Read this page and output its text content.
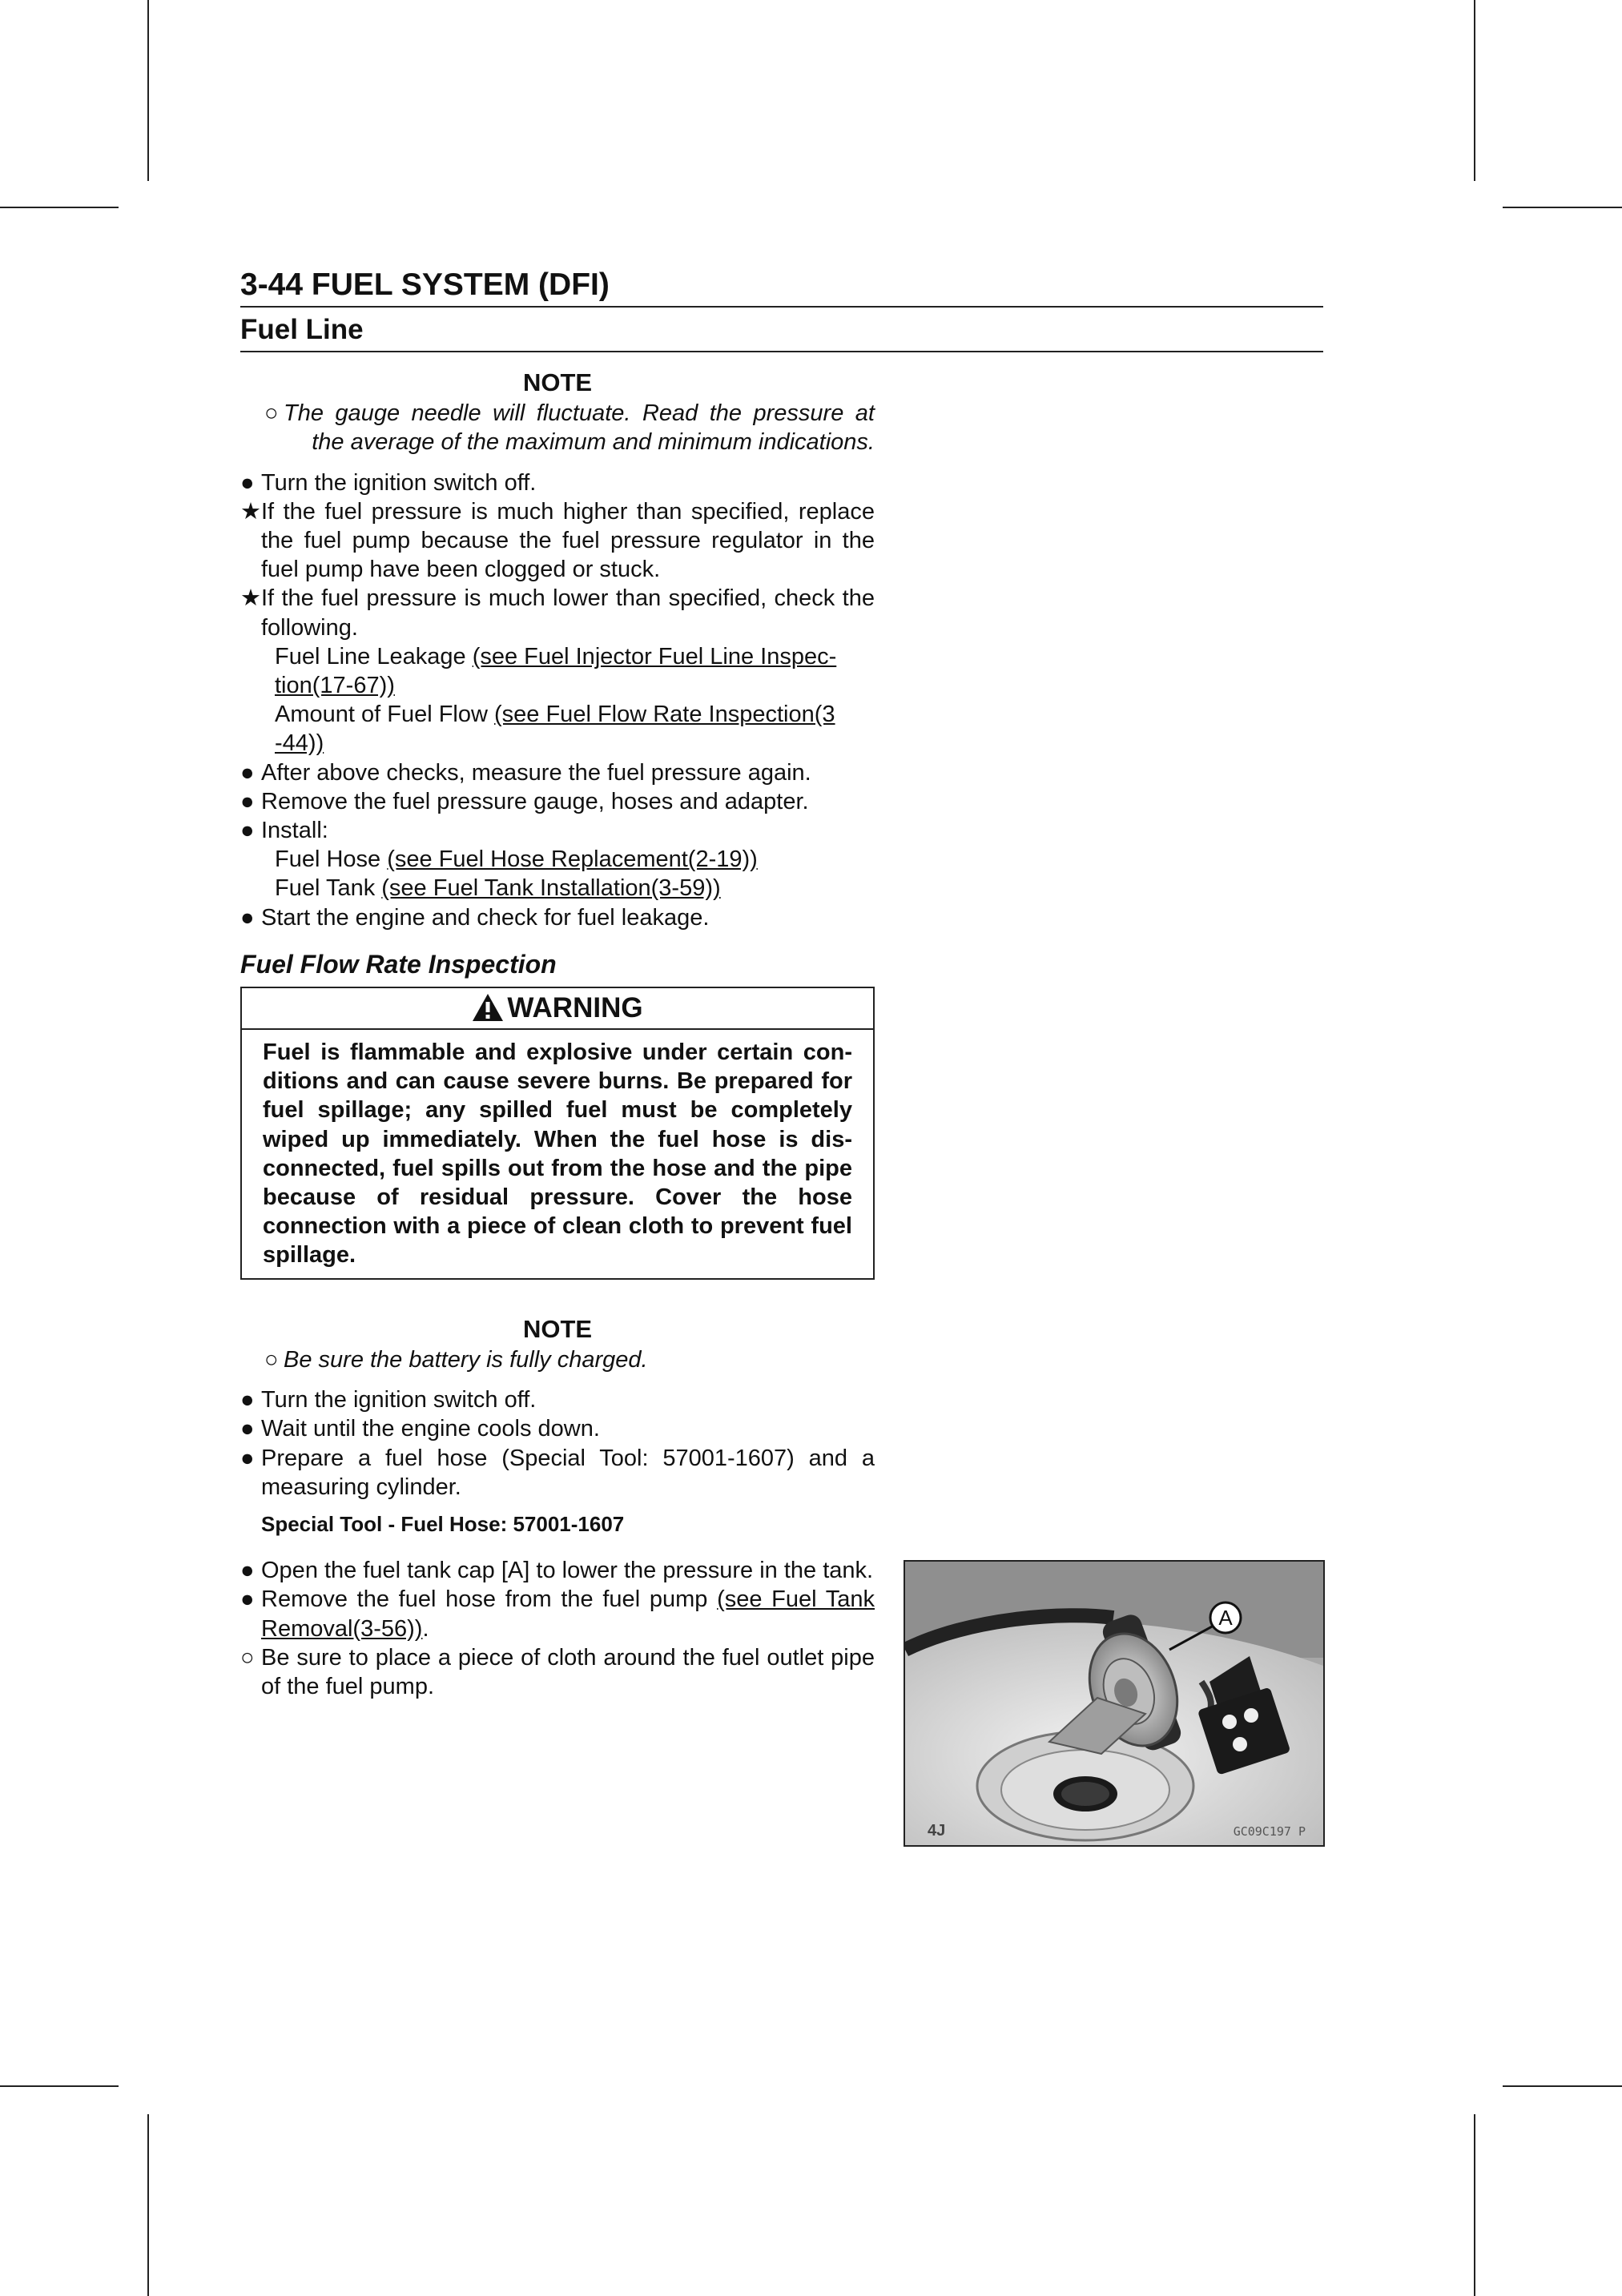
3-44 FUEL SYSTEM (DFI)
Fuel Line
NOTE
○ The gauge needle will fluctuate. Read the pressure at
the average of the maximum and minimum indications.
● Turn the ignition switch off.
★ If the fuel pressure is much higher than specified, replace the fuel pump because the fuel pressure regulator in the fuel pump have been clogged or stuck.
★ If the fuel pressure is much lower than specified, check the following.
Fuel Line Leakage (see Fuel Injector Fuel Line Inspec-tion(17-67))
Amount of Fuel Flow (see Fuel Flow Rate Inspection(3 -44))
● After above checks, measure the fuel pressure again.
● Remove the fuel pressure gauge, hoses and adapter.
● Install:
Fuel Hose (see Fuel Hose Replacement(2-19))
Fuel Tank (see Fuel Tank Installation(3-59))
● Start the engine and check for fuel leakage.
Fuel Flow Rate Inspection
WARNING
Fuel is flammable and explosive under certain con-ditions and can cause severe burns. Be prepared for fuel spillage; any spilled fuel must be completely wiped up immediately. When the fuel hose is dis-connected, fuel spills out from the hose and the pipe because of residual pressure. Cover the hose connection with a piece of clean cloth to prevent fuel spillage.
NOTE
○ Be sure the battery is fully charged.
● Turn the ignition switch off.
● Wait until the engine cools down.
● Prepare a fuel hose (Special Tool: 57001-1607) and a measuring cylinder.
Special Tool - Fuel Hose: 57001-1607
● Open the fuel tank cap [A] to lower the pressure in the tank.
● Remove the fuel hose from the fuel pump (see Fuel Tank Removal(3-56)).
○ Be sure to place a piece of cloth around the fuel outlet pipe of the fuel pump.
A
4J	GC09C197 P
